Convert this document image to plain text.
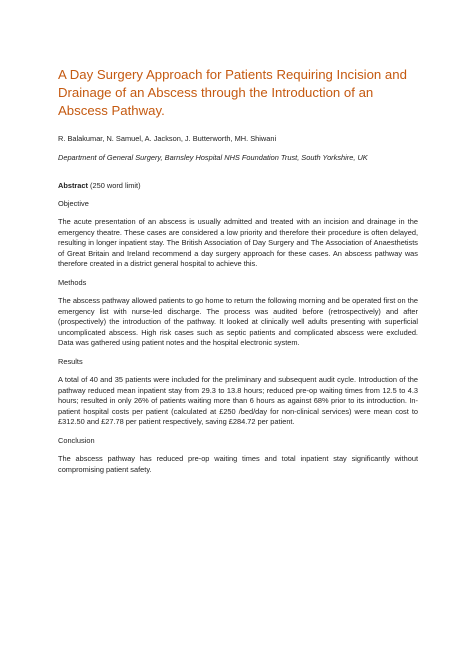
A Day Surgery Approach for Patients Requiring Incision and Drainage of an Abscess through the Introduction of an Abscess Pathway.

R. Balakumar, N. Samuel, A. Jackson, J. Butterworth, MH. Shiwani

Department of General Surgery, Barnsley Hospital NHS Foundation Trust, South Yorkshire, UK

Abstract (250 word limit)

Objective

The acute presentation of an abscess is usually admitted and treated with an incision and drainage in the emergency theatre. These cases are considered a low priority and therefore their procedure is often delayed, resulting in longer inpatient stay. The British Association of Day Surgery and The Association of Anaesthetists of Great Britain and Ireland recommend a day surgery approach for these cases. An abscess pathway was therefore created in a district general hospital to achieve this.

Methods

The abscess pathway allowed patients to go home to return the following morning and be operated first on the emergency list with nurse-led discharge. The process was audited before (retrospectively) and after (prospectively) the introduction of the pathway. It looked at clinically well adults presenting with superficial uncomplicated abscess. High risk cases such as septic patients and complicated abscess were excluded. Data was gathered using patient notes and the hospital electronic system.

Results

A total of 40 and 35 patients were included for the preliminary and subsequent audit cycle. Introduction of the pathway reduced mean inpatient stay from 29.3 to 13.8 hours; reduced pre-op waiting times from 12.5 to 4.3 hours; resulted in only 26% of patients waiting more than 6 hours as against 68% prior to its introduction. In-patient hospital costs per patient (calculated at £250 /bed/day for non-clinical services) were mean cost to £312.50 and £27.78 per patient respectively, saving £284.72 per patient.

Conclusion

The abscess pathway has reduced pre-op waiting times and total inpatient stay significantly without compromising patient safety.
